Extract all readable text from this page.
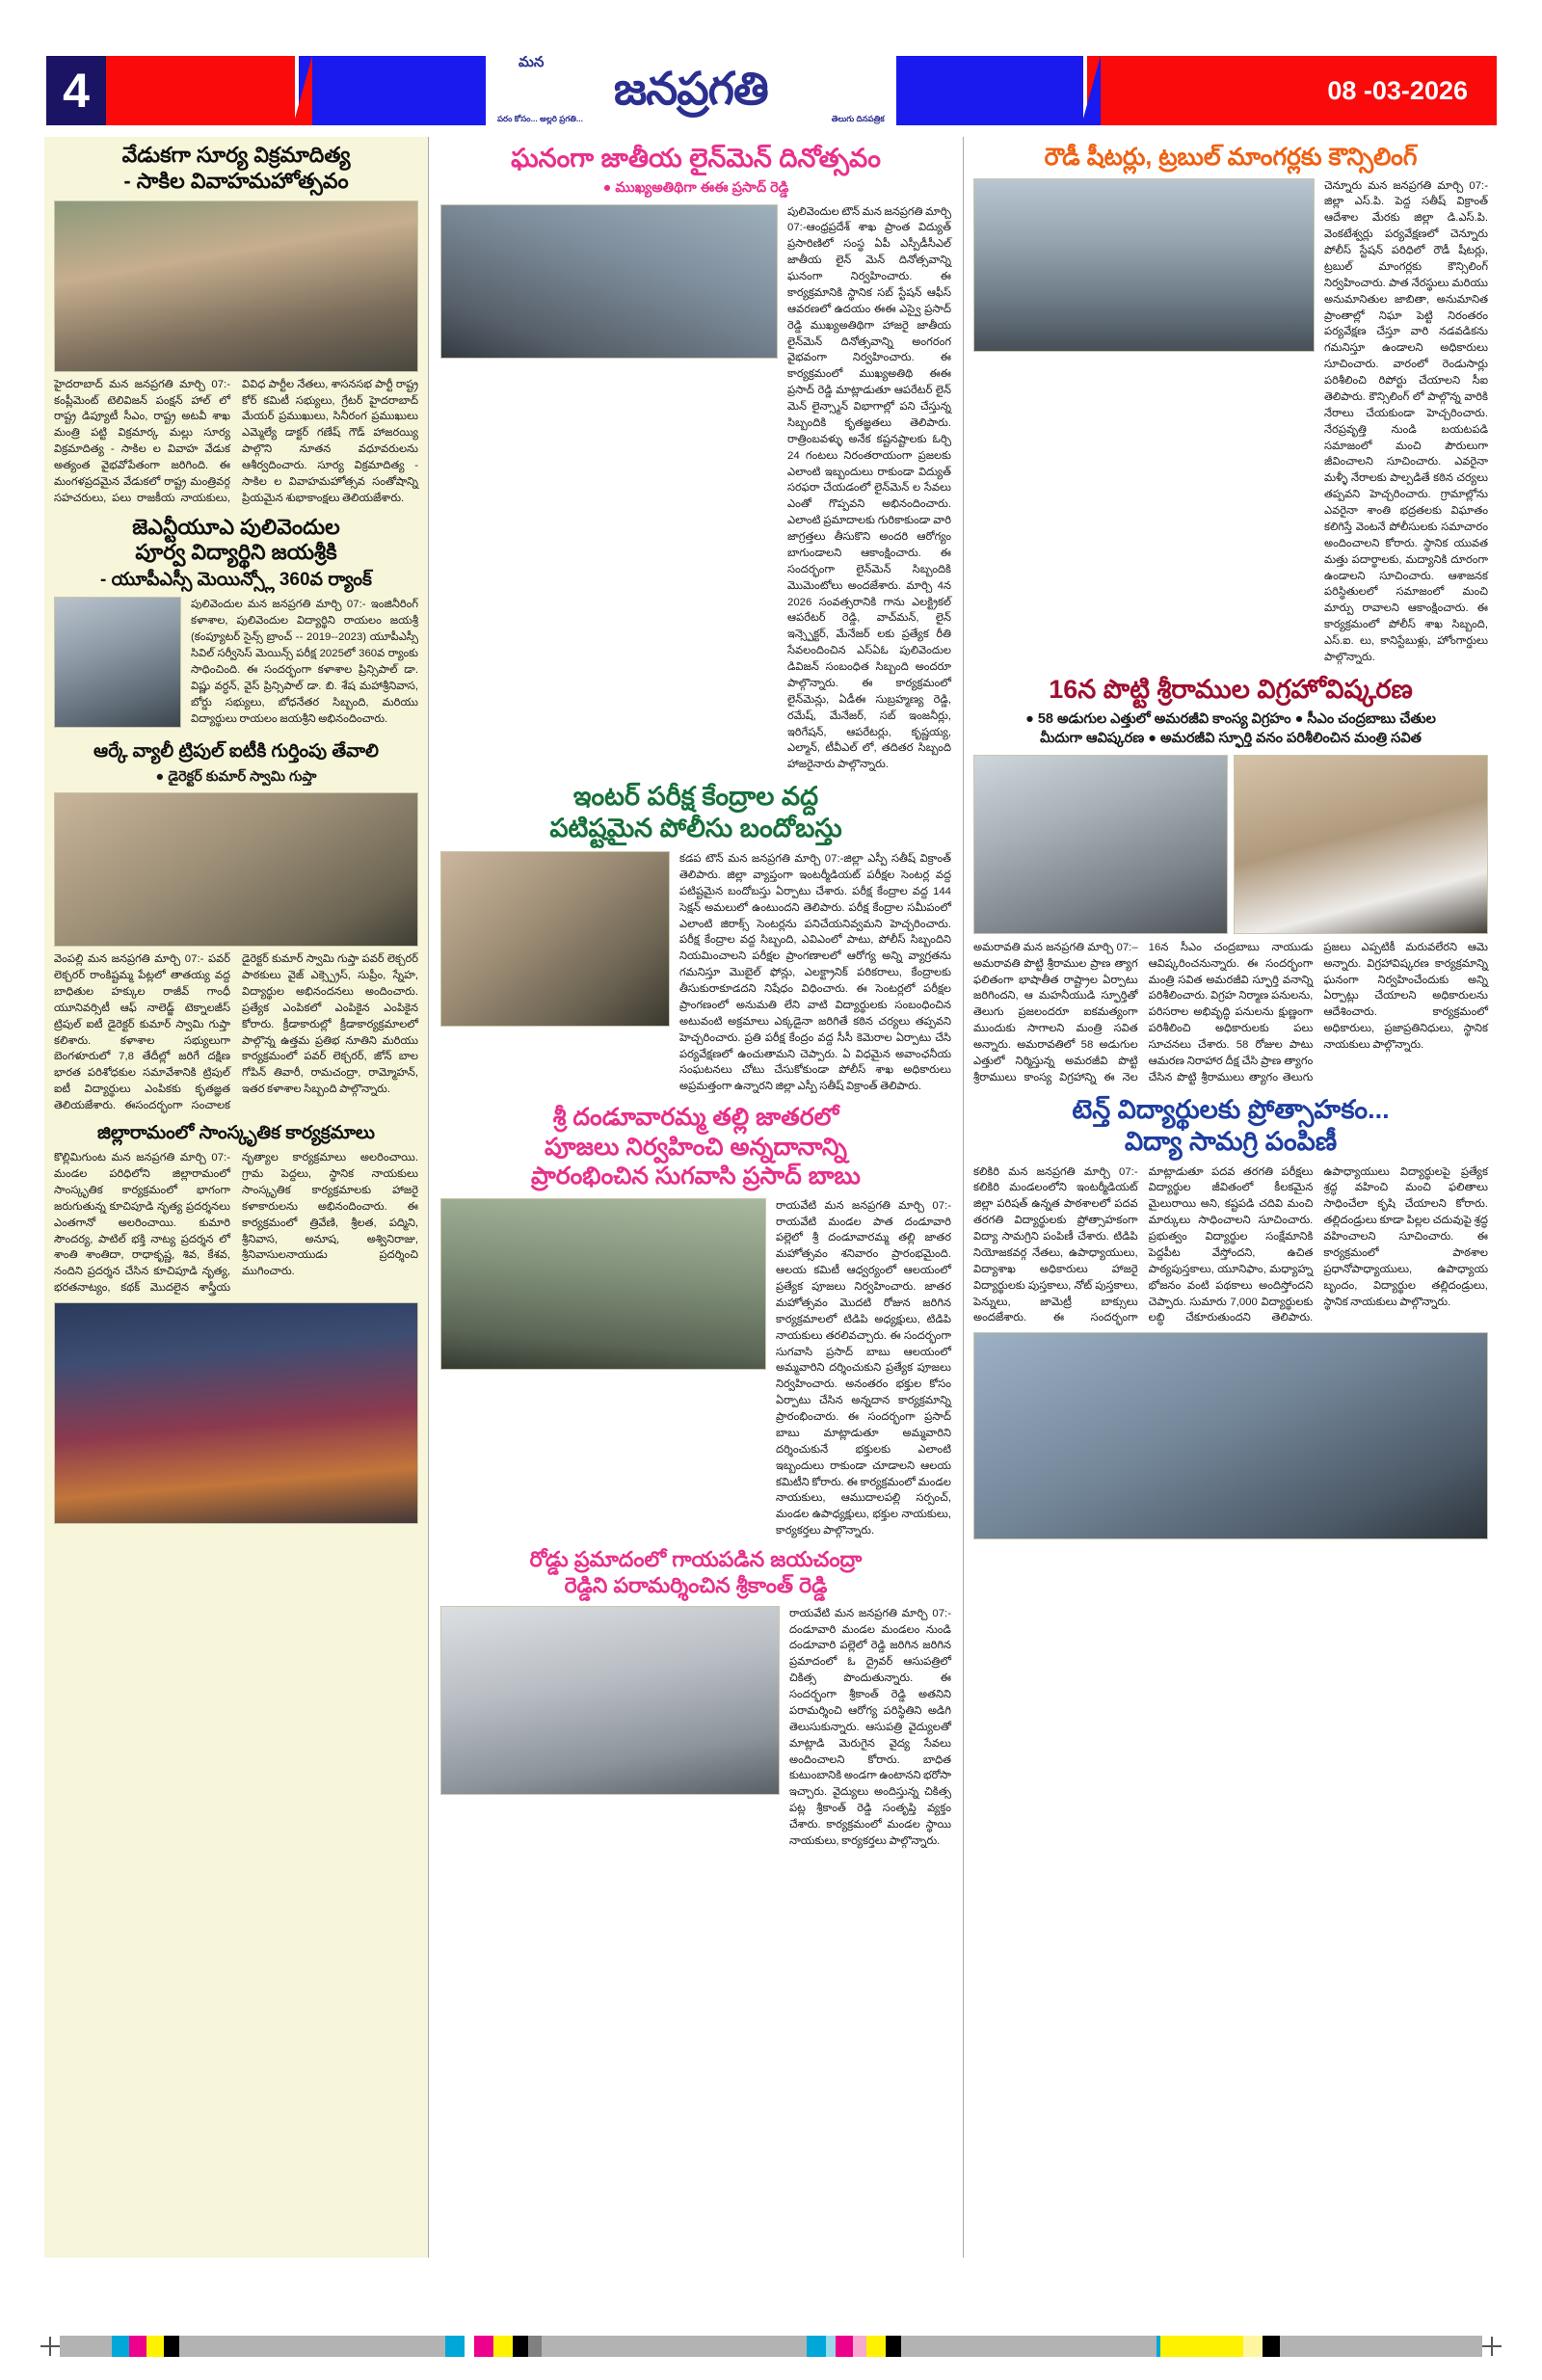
4
మన
జనప్రగతి
పరం కోసం... అల్లరి ప్రగతి...	తెలుగు దినపత్రిక
08 -03-2026
వేడుకగా సూర్య విక్రమాదిత్య
- సాకిల వివాహమహోత్సవం
హైదరాబాద్ మన జనప్రగతి మార్చి 07:-కంప్లీమెంట్ టెలివిజన్ పంక్షన్ హాల్ లో రాష్ట్ర డిప్యూటీ సీఎం, రాష్ట్ర అటవీ శాఖ మంత్రి పట్టి విక్రమార్క మల్లు సూర్య విక్రమాదిత్య - సాకిల ల వివాహ వేడుక అత్యంత వైభవోపేతంగా జరిగింది. ఈ మంగళప్రదమైన వేడుకలో రాష్ట్ర మంత్రివర్గ సహచరులు, పలు రాజకీయ నాయకులు, వివిధ పార్టీల నేతలు, శాసనసభ పార్టీ రాష్ట్ర కోర్ కమిటీ సభ్యులు, గ్రేటర్ హైదరాబాద్ మేయర్ ప్రముఖులు, సినీరంగ ప్రముఖులు ఎమ్మెల్యే డాక్టర్ గణేష్ గౌడ్ హాజరయ్యి పాల్గొని నూతన వధూవరులను ఆశీర్వదించారు. సూర్య విక్రమాదిత్య - సాకిల ల వివాహమహోత్సవ సంతోషాన్ని ప్రియమైన శుభాకాంక్షలు తెలియజేశారు.
జెఎన్టీయూఎ పులివెందుల
పూర్వ విద్యార్థిని జయశ్రీకి
- యూపీఎస్సీ మెయిన్స్లో 360వ ర్యాంక్
పులివెందుల మన జనప్రగతి మార్చి 07:- ఇంజినీరింగ్ కళాశాల, పులివెందుల విద్యార్థిని రాయలం జయశ్రీ (కంప్యూటర్ సైన్స్ బ్రాంచ్ -- 2019--2023) యూపీఎస్సీ సివిల్ సర్వీసెస్ మెయిన్స్ పరీక్ష 2025లో 360వ ర్యాంకు సాధించింది. ఈ సందర్భంగా కళాశాల ప్రిన్సిపాల్ డా. విష్ణు వర్ధన్, వైస్ ప్రిన్సిపాల్ డా. బి. శేష మహాశ్రీనివాస, బోర్డు సభ్యులు, బోధనేతర సిబ్బంది, మరియు విద్యార్థులు రాయలం జయశ్రీని అభినందించారు.
ఆర్కే వ్యాలీ ట్రిపుల్ ఐటీకి గుర్తింపు తేవాలి
● డైరెక్టర్ కుమార్ స్వామి గుప్తా
వెంపల్లి మన జనప్రగతి మార్చి 07:- పవర్ లెక్చరర్ రాంకిష్టమ్మ పేట్లలో తాతయ్య వద్ద బాధితుల హక్కుల రాజీవ్ గాంధీ యూనివర్సిటీ ఆఫ్ నాలెడ్జ్ టెక్నాలజీస్ ట్రిపుల్ ఐటీ డైరెక్టర్ కుమార్ స్వామి గుప్తా కలిశారు. కళాశాల సభ్యులుగా బెంగళూరులో 7,8 తేదీల్లో జరిగే దక్షిణ భారత పరిశోధకుల సమావేశానికి ట్రిపుల్ ఐటీ విద్యార్థులు ఎంపికకు కృతజ్ఞత తెలియజేశారు. ఈసందర్భంగా సంచాలక డైరెక్టర్ కుమార్ స్వామి గుప్తా పవర్ లెక్చరర్ పాఠకులు వైజ్ ఎక్స్ప్రెస్, సుప్రీం, స్నేహ, విద్యార్థుల అభినందనలు అందించారు. ప్రత్యేక ఎంపికలో ఎంపికైన ఎంపికైన కోరారు. క్రీడాకారుల్లో క్రీడాకార్యక్రమాలలో పాల్గొన్న ఉత్తమ ప్రతిభ నూతిని మరియు కార్యక్రమంలో పవర్ లెక్చరర్, జోన్ బాల గోపిన్ తివారీ, రామచంద్రా, రామ్మోహన్, ఇతర కళాశాల సిబ్బంది పాల్గొన్నారు.
జిల్లారామంలో సాంస్కృతిక కార్యక్రమాలు
కొల్లిమిగుంట మన జనప్రగతి మార్చి 07:- మండల పరిధిలోని జిల్లారామంలో సాంస్కృతిక కార్యక్రమంలో భాగంగా జరుగుతున్న కూచిపూడి నృత్య ప్రదర్శనలు ఎంతగానో అలరించాయి. కుమారి సౌందర్య, పాటిల్ భక్తి నాట్య ప్రదర్శన లో శాంతి శాంతిదా, రాధాకృష్ణ, శివ, కేశవ, నందిని ప్రదర్శన చేసిన కూచిపూడి నృత్య, భరతనాట్యం, కథక్ మొదలైన శాస్త్రీయ నృత్యాల కార్యక్రమాలు అలరించాయి. గ్రామ పెద్దలు, స్థానిక నాయకులు సాంస్కృతిక కార్యక్రమాలకు హాజరై కళాకారులను అభినందించారు. ఈ కార్యక్రమంలో త్రివేణి, శ్రీలత, పద్మిని, శ్రీనివాస, అనూష, అశ్వినిరాజు, శ్రీనివాసులనాయుడు ప్రదర్శించి ముగించారు.
ఘనంగా జాతీయ లైన్‌మెన్ దినోత్సవం
● ముఖ్యఅతిథిగా ఈఈ ప్రసాద్ రెడ్డి
పులివెందుల టౌన్ మన జనప్రగతి మార్చి 07:-ఆంధ్రప్రదేశ్ శాఖ ప్రాంత విద్యుత్ ప్రసారిణిలో సంస్థ ఏపీ ఎస్పీడీసీఎల్ జాతీయ లైన్ మెన్ దినోత్సవాన్ని ఘనంగా నిర్వహించారు. ఈ కార్యక్రమానికి స్థానిక సబ్ స్టేషన్ ఆఫీస్ ఆవరణలో ఉదయం ఈఈ ఎస్వై ప్రసాద్ రెడ్డి ముఖ్యఅతిథిగా హాజరై జాతీయ లైన్‌మెన్ దినోత్సవాన్ని అంగరంగ వైభవంగా నిర్వహించారు. ఈ కార్యక్రమంలో ముఖ్యఅతిథి ఈఈ ప్రసాద్ రెడ్డి మాట్లాడుతూ ఆపరేటర్ లైన్ మెన్ లైన్స్మాన్ విభాగాల్లో పని చేస్తున్న సిబ్బందికి కృతజ్ఞతలు తెలిపారు. రాత్రింబవళ్ళు అనేక కష్టనష్టాలకు ఓర్చి 24 గంటలు నిరంతరాయంగా ప్రజలకు ఎలాంటి ఇబ్బందులు రాకుండా విద్యుత్ సరఫరా చేయడంలో లైన్‌మెన్ ల సేవలు ఎంతో గొప్పవని అభినందించారు. ఎలాంటి ప్రమాదాలకు గురికాకుండా వారి జాగ్రత్తలు తీసుకొని అందరి ఆరోగ్యం బాగుండాలని ఆకాంక్షించారు. ఈ సందర్భంగా లైన్‌మెన్ సిబ్బందికి మొమెంటోలు అందజేశారు. మార్చి 4న 2026 సంవత్సరానికి గాను ఎలక్ట్రికల్ ఆపరేటర్ రెడ్డి, వాచ్‌మన్, లైన్ ఇన్స్పెక్టర్, మేనేజర్ లకు ప్రత్యేక రీతి సేవలందించిన ఎస్ఏఓ పులివెందుల డివిజన్ సంబంధిత సిబ్బంది అందరూ పాల్గొన్నారు. ఈ కార్యక్రమంలో లైన్‌మెన్లు, ఏడీఈ సుబ్రహ్మణ్య రెడ్డి, రమేష్, మేనేజర్, సబ్ ఇంజనీర్లు, ఇరిగేషన్, ఆపరేటర్లు, కృష్ణయ్య, ఎల్మాన్, టీవీఎల్ లో, తదితర సిబ్బంది హాజరైనారు పాల్గొన్నారు.
ఇంటర్ పరీక్ష కేంద్రాల వద్ద
పటిష్టమైన పోలీసు బందోబస్తు
కడప టౌన్ మన జనప్రగతి మార్చి 07:-జిల్లా ఎస్పీ సతీష్ విక్రాంత్ తెలిపారు. జిల్లా వ్యాప్తంగా ఇంటర్మీడియట్ పరీక్షల సెంటర్ల వద్ద పటిష్టమైన బందోబస్తు ఏర్పాటు చేశారు. పరీక్ష కేంద్రాల వద్ద 144 సెక్షన్ అమలులో ఉంటుందని తెలిపారు. పరీక్ష కేంద్రాల సమీపంలో ఎలాంటి జిరాక్స్ సెంటర్లను పనిచేయనివ్వమని హెచ్చరించారు. పరీక్ష కేంద్రాల వద్ద సిబ్బంది, ఎవిఎంలో పాటు, పోలీస్ సిబ్బందిని నియమించాలని పరీక్షల ప్రాంగణాలలో ఆరోగ్య అన్ని వ్యాగ్రతను గమనిస్తూ మొబైల్ ఫోన్లు, ఎలక్ట్రానిక్ పరికరాలు, కేంద్రాలకు తీసుకురాకూడదని నిషేధం విధించారు. ఈ సెంటర్లలో పరీక్షల ప్రాంగణంలో అనుమతి లేని వాటి విద్యార్థులకు సంబంధించిన అటువంటి అక్రమాలు ఎక్కడైనా జరిగితే కఠిన చర్యలు తప్పవని హెచ్చరించారు. ప్రతి పరీక్ష కేంద్రం వద్ద సీసీ కెమెరాల ఏర్పాటు చేసి పర్యవేక్షణలో ఉంచుతామని చెప్పారు. ఏ విధమైన అవాంఛనీయ సంఘటనలు చోటు చేసుకోకుండా పోలీస్ శాఖ అధికారులు అప్రమత్తంగా ఉన్నారని జిల్లా ఎస్పీ సతీష్ విక్రాంత్ తెలిపారు.
శ్రీ దండూవారమ్మ తల్లి జాతరలో
పూజలు నిర్వహించి అన్నదానాన్ని
ప్రారంభించిన సుగవాసి ప్రసాద్ బాబు
రాయవేటి మన జనప్రగతి మార్చి 07:- రాయవేటి మండల పాత దండూవారి పల్లెలో శ్రీ దండూవారమ్మ తల్లి జాతర మహోత్సవం శనివారం ప్రారంభమైంది. ఆలయ కమిటీ ఆధ్వర్యంలో ఆలయంలో ప్రత్యేక పూజలు నిర్వహించారు. జాతర మహోత్సవం మొదటి రోజున జరిగిన కార్యక్రమాలలో టిడిపి అధ్యక్షులు, టిడిపి నాయకులు తరలివచ్చారు. ఈ సందర్భంగా సుగవాసి ప్రసాద్ బాబు ఆలయంలో అమ్మవారిని దర్శించుకుని ప్రత్యేక పూజలు నిర్వహించారు. అనంతరం భక్తుల కోసం ఏర్పాటు చేసిన అన్నదాన కార్యక్రమాన్ని ప్రారంభించారు. ఈ సందర్భంగా ప్రసాద్ బాబు మాట్లాడుతూ అమ్మవారిని దర్శించుకునే భక్తులకు ఎలాంటి ఇబ్బందులు రాకుండా చూడాలని ఆలయ కమిటీని కోరారు. ఈ కార్యక్రమంలో మండల నాయకులు, ఆముదాలపల్లి సర్పంచ్, మండల ఉపాధ్యక్షులు, భక్తుల నాయకులు, కార్యకర్తలు పాల్గొన్నారు.
రోడ్డు ప్రమాదంలో గాయపడిన జయచంద్రా
రెడ్డిని పరామర్శించిన శ్రీకాంత్ రెడ్డి
రాయవేటి మన జనప్రగతి మార్చి 07:- దండూవారి మండల మండలం నుండి దండూవారి పల్లెలో రెడ్డి జరిగిన జరిగిన ప్రమాదంలో ఓ ద్రైవర్ ఆసుపత్రిలో చికిత్స పొందుతున్నారు. ఈ సందర్భంగా శ్రీకాంత్ రెడ్డి అతనిని పరామర్శించి ఆరోగ్య పరిస్థితిని అడిగి తెలుసుకున్నారు. ఆసుపత్రి వైద్యులతో మాట్లాడి మెరుగైన వైద్య సేవలు అందించాలని కోరారు. బాధిత కుటుంబానికి అండగా ఉంటానని భరోసా ఇచ్చారు. వైద్యులు అందిస్తున్న చికిత్స పట్ల శ్రీకాంత్ రెడ్డి సంతృప్తి వ్యక్తం చేశారు. కార్యక్రమంలో మండల స్థాయి నాయకులు, కార్యకర్తలు పాల్గొన్నారు.
రౌడీ షీటర్లు, ట్రబుల్ మాంగర్లకు కౌన్సిలింగ్
చెన్నూరు మన జనప్రగతి మార్చి 07:- జిల్లా ఎస్.పి. పెద్ద సతీష్ విక్రాంత్ ఆదేశాల మేరకు జిల్లా డి.ఎస్.పి. వెంకటేశ్వర్లు పర్యవేక్షణలో చెన్నూరు పోలీస్ స్టేషన్ పరిధిలో రౌడీ షీటర్లు, ట్రబుల్ మాంగర్లకు కౌన్సిలింగ్ నిర్వహించారు. పాత నేరస్థులు మరియు అనుమానితుల జాబితా, అనుమానిత ప్రాంతాల్లో నిఘా పెట్టి నిరంతరం పర్యవేక్షణ చేస్తూ వారి నడవడికను గమనిస్తూ ఉండాలని అధికారులు సూచించారు. వారంలో రెండుసార్లు పరిశీలించి రిపోర్టు చేయాలని సీఐ తెలిపారు. కౌన్సిలింగ్ లో పాల్గొన్న వారికి నేరాలు చేయకుండా హెచ్చరించారు. నేరప్రవృత్తి నుండి బయటపడి సమాజంలో మంచి పౌరులుగా జీవించాలని సూచించారు. ఎవరైనా మళ్ళీ నేరాలకు పాల్పడితే కఠిన చర్యలు తప్పవని హెచ్చరించారు. గ్రామాల్లోను ఎవరైనా శాంతి భద్రతలకు విఘాతం కలిగిస్తే వెంటనే పోలీసులకు సమాచారం అందించాలని కోరారు. స్థానిక యువత మత్తు పదార్థాలకు, మద్యానికి దూరంగా ఉండాలని సూచించారు. ఆశాజనక పరిస్థితులలో సమాజంలో మంచి మార్పు రావాలని ఆకాంక్షించారు. ఈ కార్యక్రమంలో పోలీస్ శాఖ సిబ్బంది, ఎస్.ఐ. లు, కానిస్టేబుళ్లు, హోంగార్డులు పాల్గొన్నారు.
16న పొట్టి శ్రీరాముల విగ్రహోవిష్కరణ
● 58 అడుగుల ఎత్తులో అమరజీవి కాంస్య విగ్రహం ● సీఎం చంద్రబాబు చేతుల
మీదుగా ఆవిష్కరణ ● అమరజీవి స్ఫూర్తి వనం పరిశీలించిన మంత్రి సవిత
అమరావతి మన జనప్రగతి మార్చి 07:– అమరావతి పొట్టి శ్రీరాముల ప్రాణ త్యాగ ఫలితంగా భాషాతీత రాష్ట్రాల ఏర్పాటు జరిగిందని, ఆ మహనీయుడి స్ఫూర్తితో తెలుగు ప్రజలందరూ ఐకమత్యంగా ముందుకు సాగాలని మంత్రి సవిత అన్నారు. అమరావతిలో 58 అడుగుల ఎత్తులో నిర్మిస్తున్న అమరజీవి పొట్టి శ్రీరాములు కాంస్య విగ్రహాన్ని ఈ నెల 16న సీఎం చంద్రబాబు నాయుడు ఆవిష్కరించనున్నారు. ఈ సందర్భంగా మంత్రి సవిత అమరజీవి స్ఫూర్తి వనాన్ని పరిశీలించారు. విగ్రహ నిర్మాణ పనులను, పరిసరాల అభివృద్ధి పనులను క్షుణ్ణంగా పరిశీలించి అధికారులకు పలు సూచనలు చేశారు. 58 రోజుల పాటు ఆమరణ నిరాహార దీక్ష చేసి ప్రాణ త్యాగం చేసిన పొట్టి శ్రీరాములు త్యాగం తెలుగు ప్రజలు ఎప్పటికీ మరువలేరని ఆమె అన్నారు. విగ్రహావిష్కరణ కార్యక్రమాన్ని ఘనంగా నిర్వహించేందుకు అన్ని ఏర్పాట్లు చేయాలని అధికారులను ఆదేశించారు. కార్యక్రమంలో అధికారులు, ప్రజాప్రతినిధులు, స్థానిక నాయకులు పాల్గొన్నారు.
టెన్త్ విద్యార్థులకు ప్రోత్సాహకం...
విద్యా సామగ్రి పంపిణీ
కలికిరి మన జనప్రగతి మార్చి 07:- కలికిరి మండలంలోని ఇంటర్మీడియట్ జిల్లా పరిషత్ ఉన్నత పాఠశాలలో పదవ తరగతి విద్యార్థులకు ప్రోత్సాహకంగా విద్యా సామగ్రిని పంపిణీ చేశారు. టిడిపి నియోజకవర్గ నేతలు, ఉపాధ్యాయులు, విద్యాశాఖ అధికారులు హాజరై విద్యార్థులకు పుస్తకాలు, నోట్ పుస్తకాలు, పెన్నులు, జామెట్రీ బాక్సులు అందజేశారు. ఈ సందర్భంగా మాట్లాడుతూ పదవ తరగతి పరీక్షలు విద్యార్థుల జీవితంలో కీలకమైన మైలురాయి అని, కష్టపడి చదివి మంచి మార్కులు సాధించాలని సూచించారు. ప్రభుత్వం విద్యార్థుల సంక్షేమానికి పెద్దపీట వేస్తోందని, ఉచిత పాఠ్యపుస్తకాలు, యూనిఫాం, మధ్యాహ్న భోజనం వంటి పథకాలు అందిస్తోందని చెప్పారు. సుమారు 7,000 విద్యార్థులకు లబ్ధి చేకూరుతుందని తెలిపారు. ఉపాధ్యాయులు విద్యార్థులపై ప్రత్యేక శ్రద్ధ వహించి మంచి ఫలితాలు సాధించేలా కృషి చేయాలని కోరారు. తల్లిదండ్రులు కూడా పిల్లల చదువుపై శ్రద్ధ వహించాలని సూచించారు. ఈ కార్యక్రమంలో పాఠశాల ప్రధానోపాధ్యాయులు, ఉపాధ్యాయ బృందం, విద్యార్థుల తల్లిదండ్రులు, స్థానిక నాయకులు పాల్గొన్నారు.
